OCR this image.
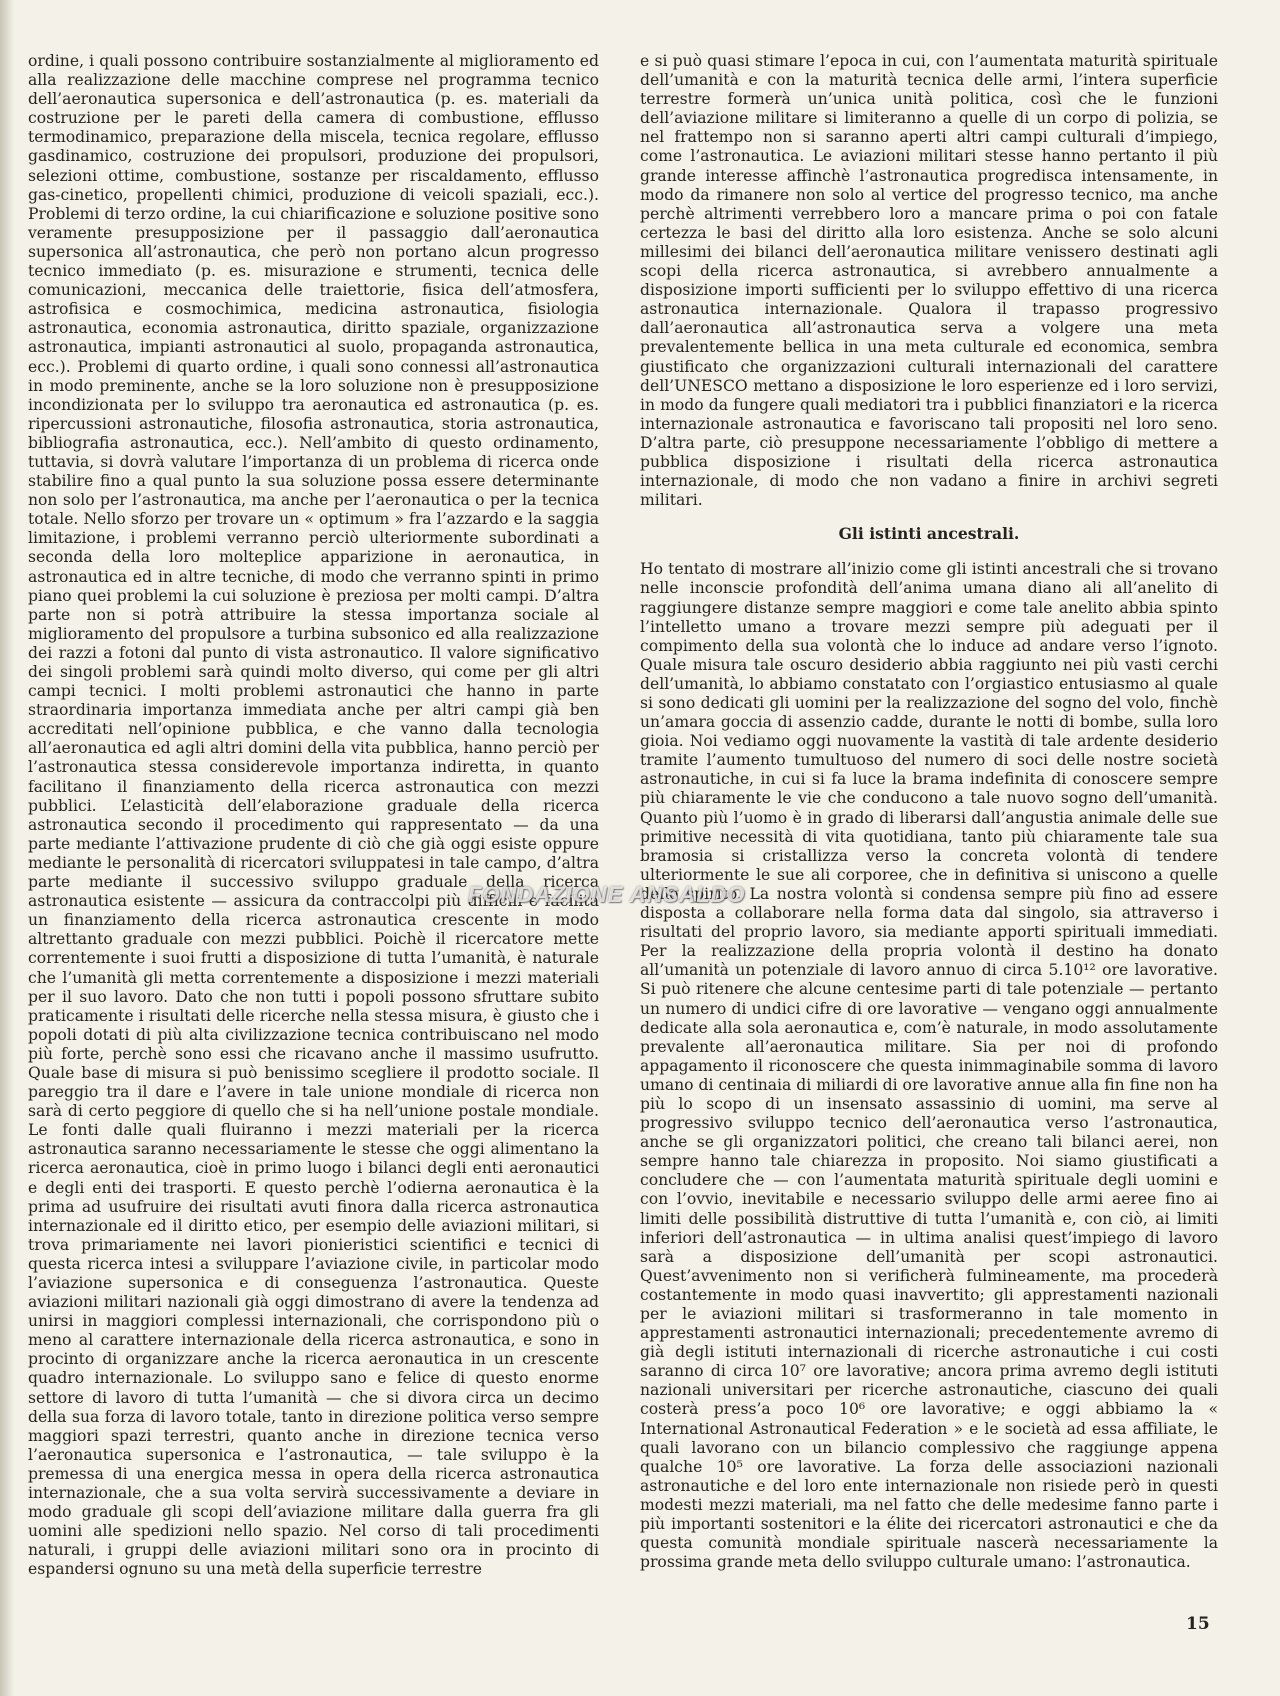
ordine, i quali possono contribuire sostanzialmente al miglioramento ed alla realizzazione delle macchine comprese nel programma tecnico dell’aeronautica supersonica e dell’astronautica (p. es. materiali da costruzione per le pareti della camera di combustione, efflusso termodinamico, preparazione della miscela, tecnica regolare, efflusso gasdinamico, costruzione dei propulsori, produzione dei propulsori, selezioni ottime, combustione, sostanze per riscaldamento, efflusso gas-cinetico, propellenti chimici, produzione di veicoli spaziali, ecc.). Problemi di terzo ordine, la cui chiarificazione e soluzione positive sono veramente presupposizione per il passaggio dall’aeronautica supersonica all’astronautica, che però non portano alcun progresso tecnico immediato (p. es. misurazione e strumenti, tecnica delle comunicazioni, meccanica delle traiettorie, fisica dell’atmosfera, astrofisica e cosmochimica, medicina astronautica, fisiologia astronautica, economia astronautica, diritto spaziale, organizzazione astronautica, impianti astronautici al suolo, propaganda astronautica, ecc.). Problemi di quarto ordine, i quali sono connessi all’astronautica in modo preminente, anche se la loro soluzione non è presupposizione incondizionata per lo sviluppo tra aeronautica ed astronautica (p. es. ripercussioni astronautiche, filosofia astronautica, storia astronautica, bibliografia astronautica, ecc.). Nell’ambito di questo ordinamento, tuttavia, si dovrà valutare l’importanza di un problema di ricerca onde stabilire fino a qual punto la sua soluzione possa essere determinante non solo per l’astronautica, ma anche per l’aeronautica o per la tecnica totale. Nello sforzo per trovare un « optimum » fra l’azzardo e la saggia limitazione, i problemi verranno perciò ulteriormente subordinati a seconda della loro molteplice apparizione in aeronautica, in astronautica ed in altre tecniche, di modo che verranno spinti in primo piano quei problemi la cui soluzione è preziosa per molti campi. D’altra parte non si potrà attribuire la stessa importanza sociale al miglioramento del propulsore a turbina subsonico ed alla realizzazione dei razzi a fotoni dal punto di vista astronautico. Il valore significativo dei singoli problemi sarà quindi molto diverso, qui come per gli altri campi tecnici. I molti problemi astronautici che hanno in parte straordinaria importanza immediata anche per altri campi già ben accreditati nell’opinione pubblica, e che vanno dalla tecnologia all’aeronautica ed agli altri domini della vita pubblica, hanno perciò per l’astronautica stessa considerevole importanza indiretta, in quanto facilitano il finanziamento della ricerca astronautica con mezzi pubblici. L’elasticità dell’elaborazione graduale della ricerca astronautica secondo il procedimento qui rappresentato — da una parte mediante l’attivazione prudente di ciò che già oggi esiste oppure mediante le personalità di ricercatori sviluppatesi in tale campo, d’altra parte mediante il successivo sviluppo graduale della ricerca astronautica esistente — assicura da contraccolpi più difficili e facilita un finanziamento della ricerca astronautica crescente in modo altrettanto graduale con mezzi pubblici. Poichè il ricercatore mette correntemente i suoi frutti a disposizione di tutta l’umanità, è naturale che l’umanità gli metta correntemente a disposizione i mezzi materiali per il suo lavoro. Dato che non tutti i popoli possono sfruttare subito praticamente i risultati delle ricerche nella stessa misura, è giusto che i popoli dotati di più alta civilizzazione tecnica contribuiscano nel modo più forte, perchè sono essi che ricavano anche il massimo usufrutto. Quale base di misura si può benissimo scegliere il prodotto sociale. Il pareggio tra il dare e l’avere in tale unione mondiale di ricerca non sarà di certo peggiore di quello che si ha nell’unione postale mondiale. Le fonti dalle quali fluiranno i mezzi materiali per la ricerca astronautica saranno necessariamente le stesse che oggi alimentano la ricerca aeronautica, cioè in primo luogo i bilanci degli enti aeronautici e degli enti dei trasporti. E questo perchè l’odierna aeronautica è la prima ad usufruire dei risultati avuti finora dalla ricerca astronautica internazionale ed il diritto etico, per esempio delle aviazioni militari, si trova primariamente nei lavori pionieristici scientifici e tecnici di questa ricerca intesi a sviluppare l’aviazione civile, in particolar modo l’aviazione supersonica e di conseguenza l’astronautica. Queste aviazioni militari nazionali già oggi dimostrano di avere la tendenza ad unirsi in maggiori complessi internazionali, che corrispondono più o meno al carattere internazionale della ricerca astronautica, e sono in procinto di organizzare anche la ricerca aeronautica in un crescente quadro internazionale. Lo sviluppo sano e felice di questo enorme settore di lavoro di tutta l’umanità — che si divora circa un decimo della sua forza di lavoro totale, tanto in direzione politica verso sempre maggiori spazi terrestri, quanto anche in direzione tecnica verso l’aeronautica supersonica e l’astronautica, — tale sviluppo è la premessa di una energica messa in opera della ricerca astronautica internazionale, che a sua volta servirà successivamente a deviare in modo graduale gli scopi dell’aviazione militare dalla guerra fra gli uomini alle spedizioni nello spazio. Nel corso di tali procedimenti naturali, i gruppi delle aviazioni militari sono ora in procinto di espandersi ognuno su una metà della superficie terrestre

e si può quasi stimare l’epoca in cui, con l’aumentata maturità spirituale dell’umanità e con la maturità tecnica delle armi, l’intera superficie terrestre formerà un’unica unità politica, così che le funzioni dell’aviazione militare si limiteranno a quelle di un corpo di polizia, se nel frattempo non si saranno aperti altri campi culturali d’impiego, come l’astronautica. Le aviazioni militari stesse hanno pertanto il più grande interesse affinchè l’astronautica progredisca intensamente, in modo da rimanere non solo al vertice del progresso tecnico, ma anche perchè altrimenti verrebbero loro a mancare prima o poi con fatale certezza le basi del diritto alla loro esistenza. Anche se solo alcuni millesimi dei bilanci dell’aeronautica militare venissero destinati agli scopi della ricerca astronautica, si avrebbero annualmente a disposizione importi sufficienti per lo sviluppo effettivo di una ricerca astronautica internazionale. Qualora il trapasso progressivo dall’aeronautica all’astronautica serva a volgere una meta prevalentemente bellica in una meta culturale ed economica, sembra giustificato che organizzazioni culturali internazionali del carattere dell’UNESCO mettano a disposizione le loro esperienze ed i loro servizi, in modo da fungere quali mediatori tra i pubblici finanziatori e la ricerca internazionale astronautica e favoriscano tali propositi nel loro seno. D’altra parte, ciò presuppone necessariamente l’obbligo di mettere a pubblica disposizione i risultati della ricerca astronautica internazionale, di modo che non vadano a finire in archivi segreti militari.

Gli istinti ancestrali.

Ho tentato di mostrare all’inizio come gli istinti ancestrali che si trovano nelle inconscie profondità dell’anima umana diano ali all’anelito di raggiungere distanze sempre maggiori e come tale anelito abbia spinto l’intelletto umano a trovare mezzi sempre più adeguati per il compimento della sua volontà che lo induce ad andare verso l’ignoto. Quale misura tale oscuro desiderio abbia raggiunto nei più vasti cerchi dell’umanità, lo abbiamo constatato con l’orgiastico entusiasmo al quale si sono dedicati gli uomini per la realizzazione del sogno del volo, finchè un’amara goccia di assenzio cadde, durante le notti di bombe, sulla loro gioia. Noi vediamo oggi nuovamente la vastità di tale ardente desiderio tramite l’aumento tumultuoso del numero di soci delle nostre società astronautiche, in cui si fa luce la brama indefinita di conoscere sempre più chiaramente le vie che conducono a tale nuovo sogno dell’umanità. Quanto più l’uomo è in grado di liberarsi dall’angustia animale delle sue primitive necessità di vita quotidiana, tanto più chiaramente tale sua bramosia si cristallizza verso la concreta volontà di tendere ulteriormente le sue ali corporee, che in definitiva si uniscono a quelle dello spirito. La nostra volontà si condensa sempre più fino ad essere disposta a collaborare nella forma data dal singolo, sia attraverso i risultati del proprio lavoro, sia mediante apporti spirituali immediati. Per la realizzazione della propria volontà il destino ha donato all’umanità un potenziale di lavoro annuo di circa 5.10¹² ore lavorative. Si può ritenere che alcune centesime parti di tale potenziale — pertanto un numero di undici cifre di ore lavorative — vengano oggi annualmente dedicate alla sola aeronautica e, com’è naturale, in modo assolutamente prevalente all’aeronautica militare. Sia per noi di profondo appagamento il riconoscere che questa inimmaginabile somma di lavoro umano di centinaia di miliardi di ore lavorative annue alla fin fine non ha più lo scopo di un insensato assassinio di uomini, ma serve al progressivo sviluppo tecnico dell’aeronautica verso l’astronautica, anche se gli organizzatori politici, che creano tali bilanci aerei, non sempre hanno tale chiarezza in proposito. Noi siamo giustificati a concludere che — con l’aumentata maturità spirituale degli uomini e con l’ovvio, inevitabile e necessario sviluppo delle armi aeree fino ai limiti delle possibilità distruttive di tutta l’umanità e, con ciò, ai limiti inferiori dell’astronautica — in ultima analisi quest’impiego di lavoro sarà a disposizione dell’umanità per scopi astronautici. Quest’avvenimento non si verificherà fulmineamente, ma procederà costantemente in modo quasi inavvertito; gli apprestamenti nazionali per le aviazioni militari si trasformeranno in tale momento in apprestamenti astronautici internazionali; precedentemente avremo di già degli istituti internazionali di ricerche astronautiche i cui costi saranno di circa 10⁷ ore lavorative; ancora prima avremo degli istituti nazionali universitari per ricerche astronautiche, ciascuno dei quali costerà press’a poco 10⁶ ore lavorative; e oggi abbiamo la « International Astronautical Federation » e le società ad essa affiliate, le quali lavorano con un bilancio complessivo che raggiunge appena qualche 10⁵ ore lavorative. La forza delle associazioni nazionali astronautiche e del loro ente internazionale non risiede però in questi modesti mezzi materiali, ma nel fatto che delle medesime fanno parte i più importanti sostenitori e la élite dei ricercatori astronautici e che da questa comunità mondiale spirituale nascerà necessariamente la prossima grande meta dello sviluppo culturale umano: l’astronautica.

FONDAZIONE ANSALDO
15
